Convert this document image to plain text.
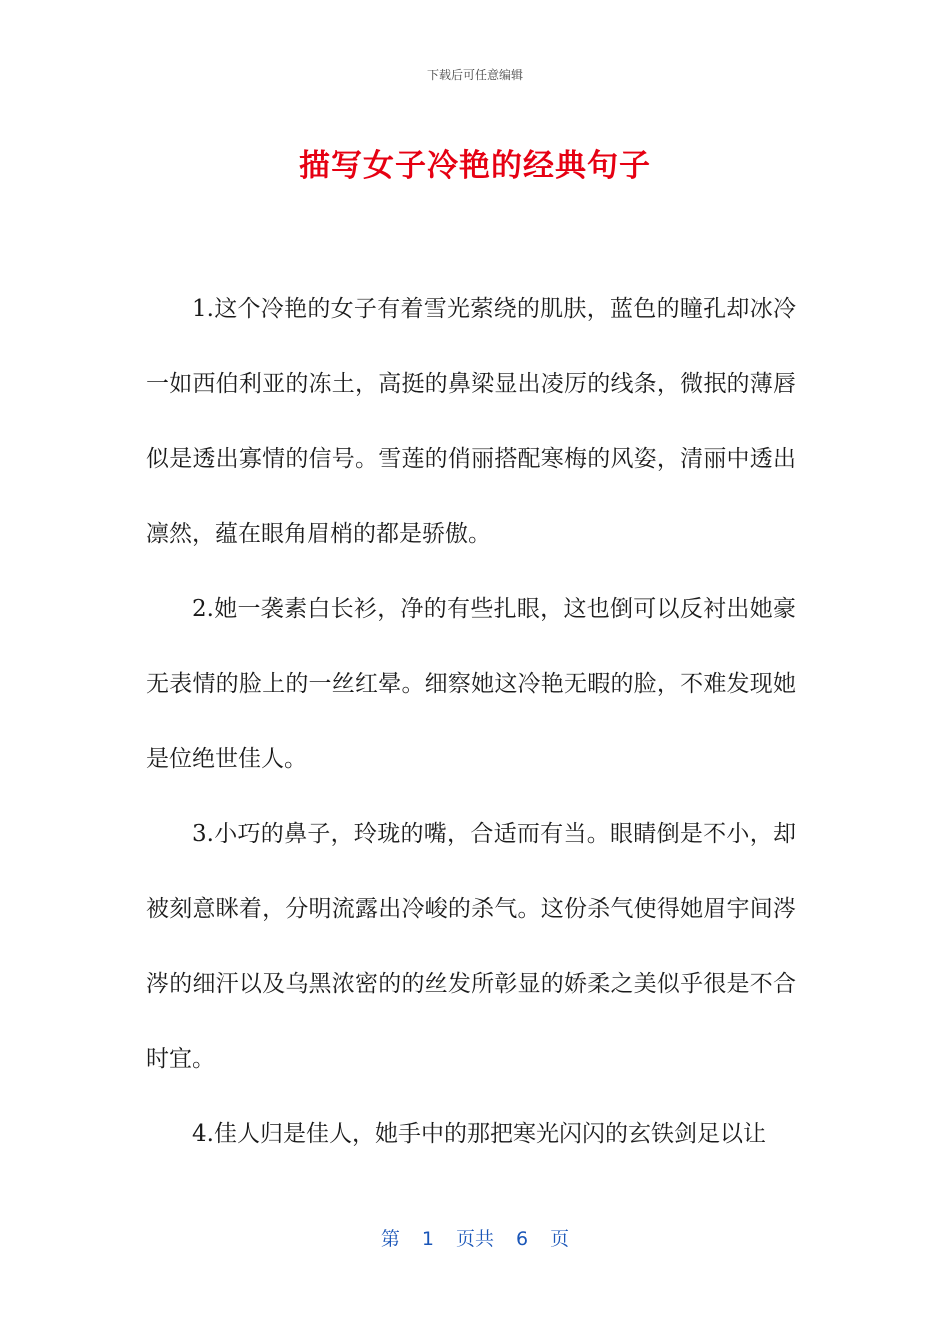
下载后可任意编辑
描写女子冷艳的经典句子

1.这个冷艳的女子有着雪光萦绕的肌肤，蓝色的瞳孔却冰冷一如西伯利亚的冻土，高挺的鼻梁显出凌厉的线条，微抿的薄唇似是透出寡情的信号。雪莲的俏丽搭配寒梅的风姿，清丽中透出凛然，蕴在眼角眉梢的都是骄傲。

2.她一袭素白长衫，净的有些扎眼，这也倒可以反衬出她豪无表情的脸上的一丝红晕。细察她这冷艳无暇的脸，不难发现她是位绝世佳人。

3.小巧的鼻子，玲珑的嘴，合适而有当。眼睛倒是不小，却被刻意眯着，分明流露出冷峻的杀气。这份杀气使得她眉宇间涔涔的细汗以及乌黑浓密的的丝发所彰显的娇柔之美似乎很是不合时宜。

4.佳人归是佳人，她手中的那把寒光闪闪的玄铁剑足以让

第 1 页共 6 页
